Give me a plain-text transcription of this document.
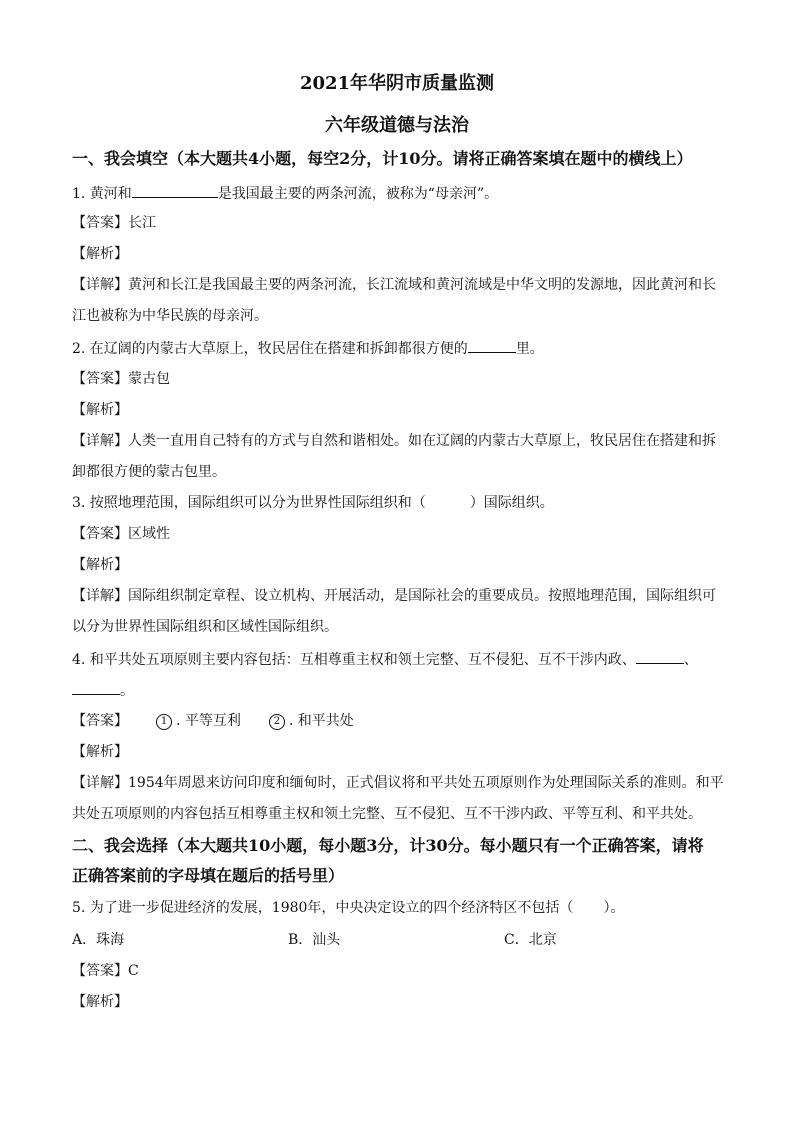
2021年华阴市质量监测
六年级道德与法治
一、我会填空（本大题共4小题，每空2分，计10分。请将正确答案填在题中的横线上）
1. 黄河和	是我国最主要的两条河流，被称为“母亲河”。
【答案】长江
【解析】
【详解】黄河和长江是我国最主要的两条河流，长江流域和黄河流域是中华文明的发源地，因此黄河和长
江也被称为中华民族的母亲河。
2. 在辽阔的内蒙古大草原上，牧民居住在搭建和拆卸都很方便的	里。
【答案】蒙古包
【解析】
【详解】人类一直用自己特有的方式与自然和谐相处。如在辽阔的内蒙古大草原上，牧民居住在搭建和拆
卸都很方便的蒙古包里。
3. 按照地理范围，国际组织可以分为世界性国际组织和（	）国际组织。
【答案】区域性
【解析】
【详解】国际组织制定章程、设立机构、开展活动，是国际社会的重要成员。按照地理范围，国际组织可
以分为世界性国际组织和区域性国际组织。
4. 和平共处五项原则主要内容包括：互相尊重主权和领土完整、互不侵犯、互不干涉内政、	、
。
【答案】	1 . 平等互利	2 . 和平共处
【解析】
【详解】1954年周恩来访问印度和缅甸时，正式倡议将和平共处五项原则作为处理国际关系的准则。和平
共处五项原则的内容包括互相尊重主权和领土完整、互不侵犯、互不干涉内政、平等互利、和平共处。
二、我会选择（本大题共10小题，每小题3分，计30分。每小题只有一个正确答案，请将
正确答案前的字母填在题后的括号里）
5. 为了进一步促进经济的发展，1980年，中央决定设立的四个经济特区不包括（ ）。
A．珠海	B．汕头	C．北京
【答案】C
【解析】
